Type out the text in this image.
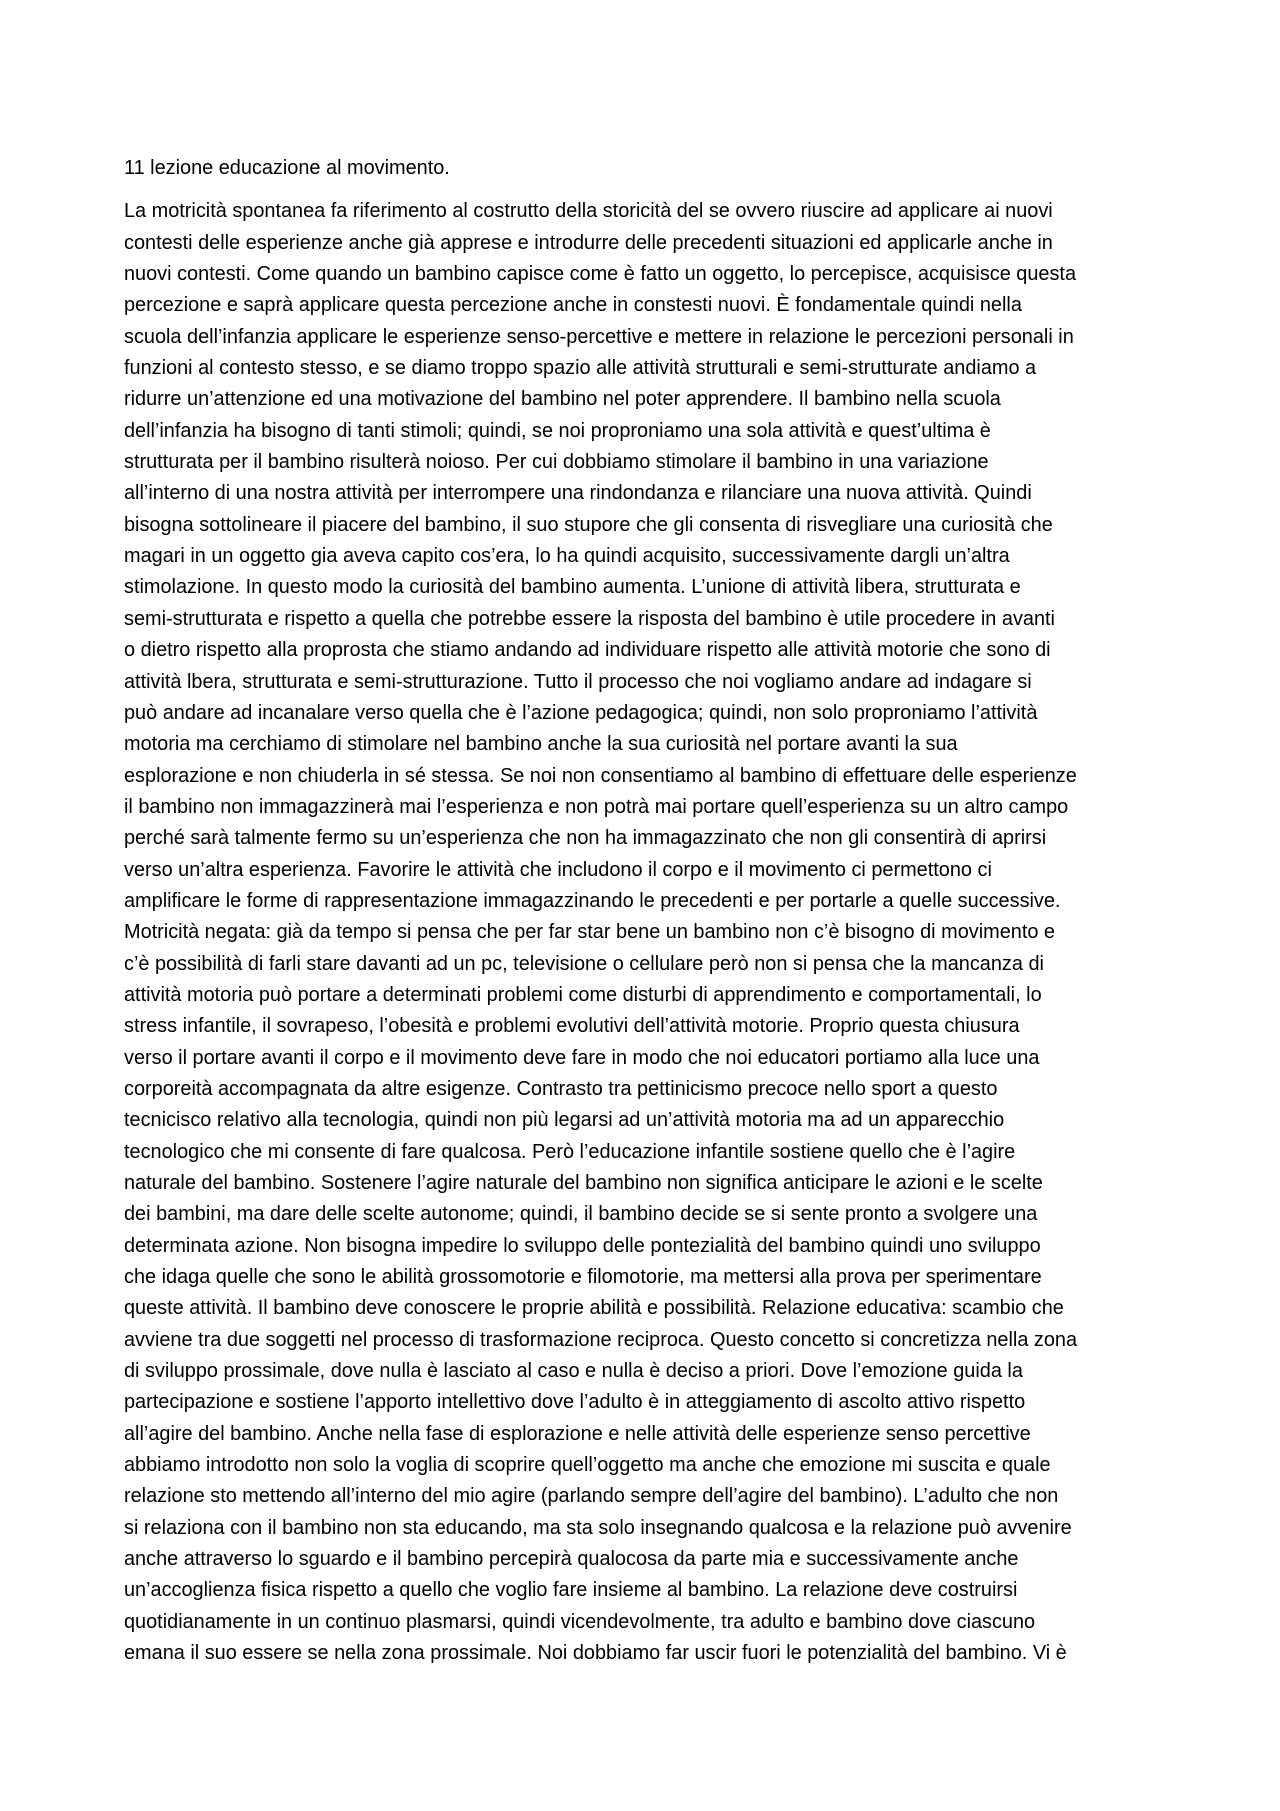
11 lezione educazione al movimento.
La motricità spontanea fa riferimento al costrutto della storicità del se ovvero riuscire ad applicare ai nuovi
contesti delle esperienze anche già apprese e introdurre delle precedenti situazioni ed applicarle anche in
nuovi contesti. Come quando un bambino capisce come è fatto un oggetto, lo percepisce, acquisisce questa
percezione e saprà applicare questa percezione anche in constesti nuovi. È fondamentale quindi nella
scuola dell’infanzia applicare le esperienze senso-percettive e mettere in relazione le percezioni personali in
funzioni al contesto stesso, e se diamo troppo spazio alle attività strutturali e semi-strutturate andiamo a
ridurre un’attenzione ed una motivazione del bambino nel poter apprendere. Il bambino nella scuola
dell’infanzia ha bisogno di tanti stimoli; quindi, se noi proproniamo una sola attività e quest’ultima è
strutturata per il bambino risulterà noioso. Per cui dobbiamo stimolare il bambino in una variazione
all’interno di una nostra attività per interrompere una rindondanza e rilanciare una nuova attività. Quindi
bisogna sottolineare il piacere del bambino, il suo stupore che gli consenta di risvegliare una curiosità che
magari in un oggetto gia aveva capito cos’era, lo ha quindi acquisito, successivamente dargli un’altra
stimolazione. In questo modo la curiosità del bambino aumenta. L’unione di attività libera, strutturata e
semi-strutturata e rispetto a quella che potrebbe essere la risposta del bambino è utile procedere in avanti
o dietro rispetto alla proprosta che stiamo andando ad individuare rispetto alle attività motorie che sono di
attività lbera, strutturata e semi-strutturazione. Tutto il processo che noi vogliamo andare ad indagare si
può andare ad incanalare verso quella che è l’azione pedagogica; quindi, non solo proproniamo l’attività
motoria ma cerchiamo di stimolare nel bambino anche la sua curiosità nel portare avanti la sua
esplorazione e non chiuderla in sé stessa. Se noi non consentiamo al bambino di effettuare delle esperienze
il bambino non immagazzinerà mai l’esperienza e non potrà mai portare quell’esperienza su un altro campo
perché sarà talmente fermo su un’esperienza che non ha immagazzinato che non gli consentirà di aprirsi
verso un’altra esperienza. Favorire le attività che includono il corpo e il movimento ci permettono ci
amplificare le forme di rappresentazione immagazzinando le precedenti e per portarle a quelle successive.
Motricità negata: già da tempo si pensa che per far star bene un bambino non c’è bisogno di movimento e
c’è possibilità di farli stare davanti ad un pc, televisione o cellulare però non si pensa che la mancanza di
attività motoria può portare a determinati problemi come disturbi di apprendimento e comportamentali, lo
stress infantile, il sovrapeso, l’obesità e problemi evolutivi dell’attività motorie. Proprio questa chiusura
verso il portare avanti il corpo e il movimento deve fare in modo che noi educatori portiamo alla luce una
corporeità accompagnata da altre esigenze. Contrasto tra pettinicismo precoce nello sport a questo
tecnicisco relativo alla tecnologia, quindi non più legarsi ad un’attività motoria ma ad un apparecchio
tecnologico che mi consente di fare qualcosa. Però l’educazione infantile sostiene quello che è l’agire
naturale del bambino. Sostenere l’agire naturale del bambino non significa anticipare le azioni e le scelte
dei bambini, ma dare delle scelte autonome; quindi, il bambino decide se si sente pronto a svolgere una
determinata azione. Non bisogna impedire lo sviluppo delle pontezialità del bambino quindi uno sviluppo
che idaga quelle che sono le abilità grossomotorie e filomotorie, ma mettersi alla prova per sperimentare
queste attività. Il bambino deve conoscere le proprie abilità e possibilità. Relazione educativa: scambio che
avviene tra due soggetti nel processo di trasformazione reciproca. Questo concetto si concretizza nella zona
di sviluppo prossimale, dove nulla è lasciato al caso e nulla è deciso a priori. Dove l’emozione guida la
partecipazione e sostiene l’apporto intellettivo dove l’adulto è in atteggiamento di ascolto attivo rispetto
all’agire del bambino. Anche nella fase di esplorazione e nelle attività delle esperienze senso percettive
abbiamo introdotto non solo la voglia di scoprire quell’oggetto ma anche che emozione mi suscita e quale
relazione sto mettendo all’interno del mio agire (parlando sempre dell’agire del bambino). L’adulto che non
si relaziona con il bambino non sta educando, ma sta solo insegnando qualcosa e la relazione può avvenire
anche attraverso lo sguardo e il bambino percepirà qualocosa da parte mia e successivamente anche
un’accoglienza fisica rispetto a quello che voglio fare insieme al bambino. La relazione deve costruirsi
quotidianamente in un continuo plasmarsi, quindi vicendevolmente, tra adulto e bambino dove ciascuno
emana il suo essere se nella zona prossimale. Noi dobbiamo far uscir fuori le potenzialità del bambino. Vi è
